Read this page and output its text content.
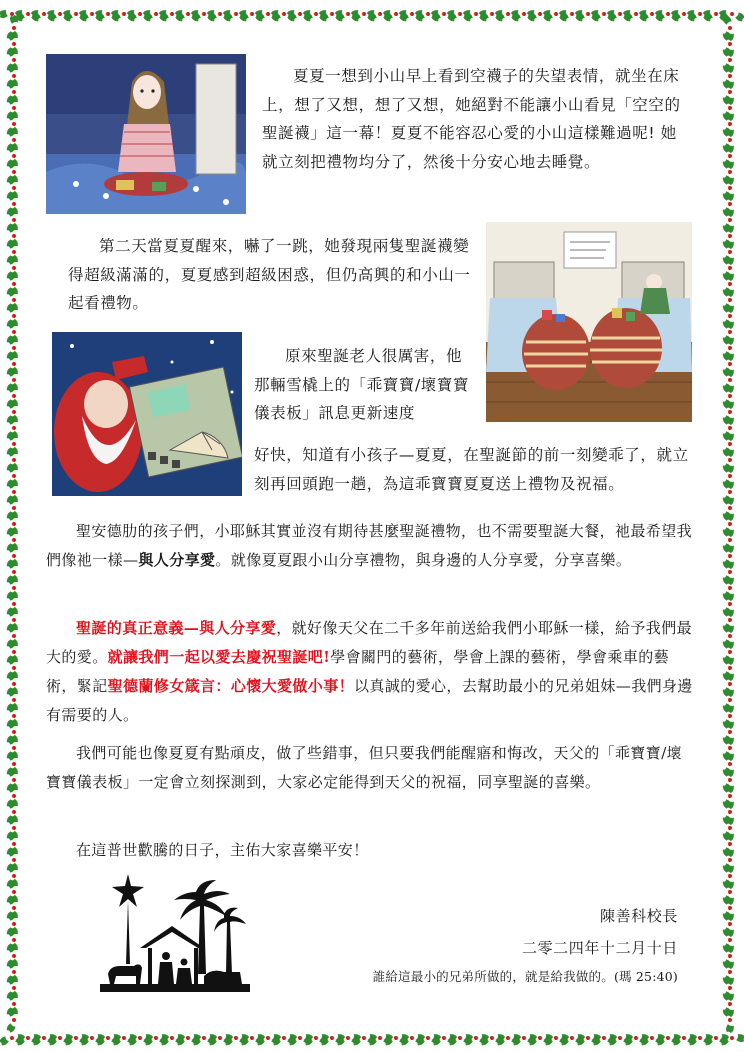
夏夏一想到小山早上看到空襪子的失望表情，就坐在床上，想了又想，想了又想，她絕對不能讓小山看見「空空的聖誕襪」這一幕！夏夏不能容忍心愛的小山這樣難過呢! 她就立刻把禮物均分了，然後十分安心地去睡覺。
第二天當夏夏醒來，嚇了一跳，她發現兩隻聖誕襪變得超級滿滿的，夏夏感到超級困惑，但仍高興的和小山一起看禮物。
原來聖誕老人很厲害，他那輛雪橇上的「乖寶寶/壞寶寶儀表板」訊息更新速度
好快，知道有小孩子—夏夏，在聖誕節的前一刻變乖了，就立刻再回頭跑一趟，為這乖寶寶夏夏送上禮物及祝福。

聖安德肋的孩子們，小耶穌其實並沒有期待甚麼聖誕禮物，也不需要聖誕大餐，祂最希望我們像祂一樣—與人分享愛。就像夏夏跟小山分享禮物，與身邊的人分享愛，分享喜樂。

聖誕的真正意義—與人分享愛，就好像天父在二千多年前送給我們小耶穌一樣，給予我們最大的愛。就讓我們一起以愛去慶祝聖誕吧!學會關門的藝術，學會上課的藝術，學會乘車的藝術，緊記聖德蘭修女箴言：心懷大愛做小事！以真誠的愛心，去幫助最小的兄弟姐妹—我們身邊有需要的人。

我們可能也像夏夏有點頑皮，做了些錯事，但只要我們能醒寤和悔改，天父的「乖寶寶/壞寶寶儀表板」一定會立刻探測到，大家必定能得到天父的祝福，同享聖誕的喜樂。

在這普世歡騰的日子，主佑大家喜樂平安！

陳善科校長
二零二四年十二月十日
誰給這最小的兄弟所做的，就是給我做的。(瑪 25:40)
